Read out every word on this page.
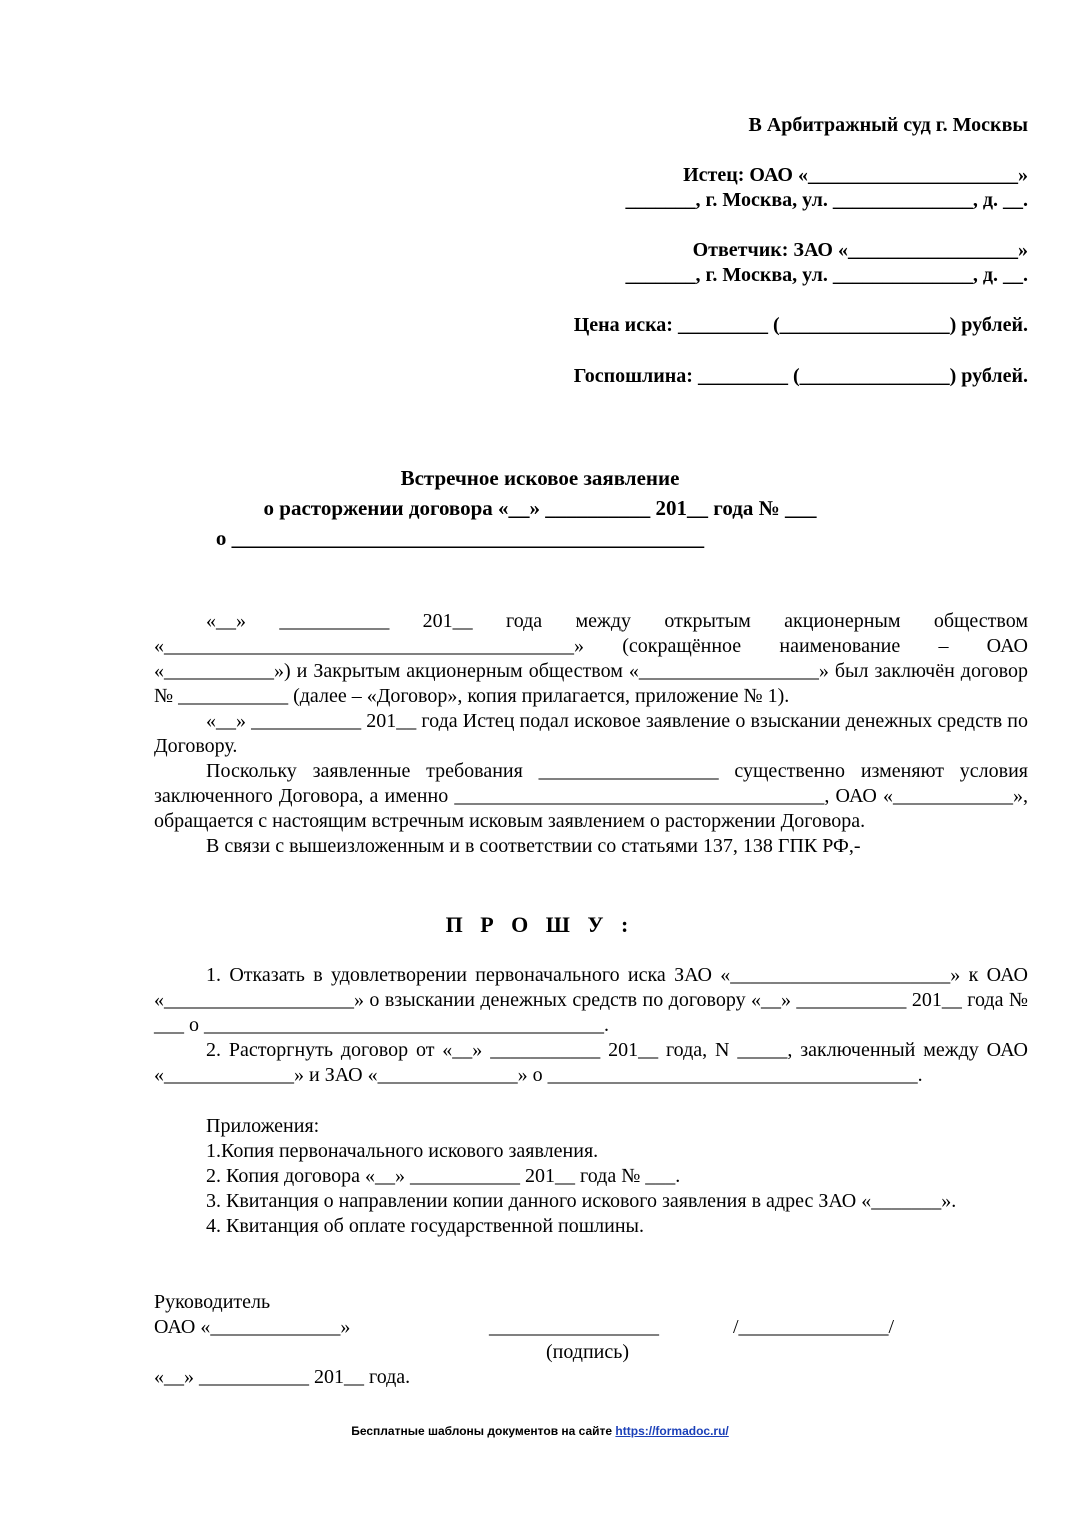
В Арбитражный суд г. Москвы
Истец: ОАО «_____________________»
_______, г. Москва, ул. ______________, д. __.
Ответчик: ЗАО «_________________»
_______, г. Москва, ул. ______________, д. __.
Цена иска: _________ (_________________) рублей.
Госпошлина: _________ (_______________) рублей.
Встречное исковое заявление
о расторжении договора «__» __________ 201__ года № ___
о _____________________________________________

«__» ___________ 201__ года между открытым акционерным обществом «_________________________________________» (сокращённое наименование – ОАО «___________») и Закрытым акционерным обществом «__________________» был заключён договор № ___________ (далее – «Договор», копия прилагается, приложение № 1).

«__» ___________ 201__ года Истец подал исковое заявление о взыскании денежных средств по Договору.

Поскольку заявленные требования __________________ существенно изменяют условия заключенного Договора, а именно _____________________________________, ОАО «____________», обращается с настоящим встречным исковым заявлением о расторжении Договора.

В связи с вышеизложенным и в соответствии со статьями 137, 138 ГПК РФ,-

П Р О Ш У :

1. Отказать в удовлетворении первоначального иска ЗАО «______________________» к ОАО «___________________» о взыскании денежных средств по договору «__» ___________ 201__ года № ___ о ________________________________________.

2. Расторгнуть договор от «__» ___________ 201__ года, N _____, заключенный между ОАО «_____________» и ЗАО «______________» о _____________________________________.

Приложения:
1.Копия первоначального искового заявления.
2. Копия договора «__» ___________ 201__ года № ___.
3. Квитанция о направлении копии данного искового заявления в адрес ЗАО «_______».
4. Квитанция об оплате государственной пошлины.
Руководитель
ОАО «_____________»	_________________	/_______________/
(подпись)
«__» ___________ 201__ года.
Бесплатные шаблоны документов на сайте https://formadoc.ru/
